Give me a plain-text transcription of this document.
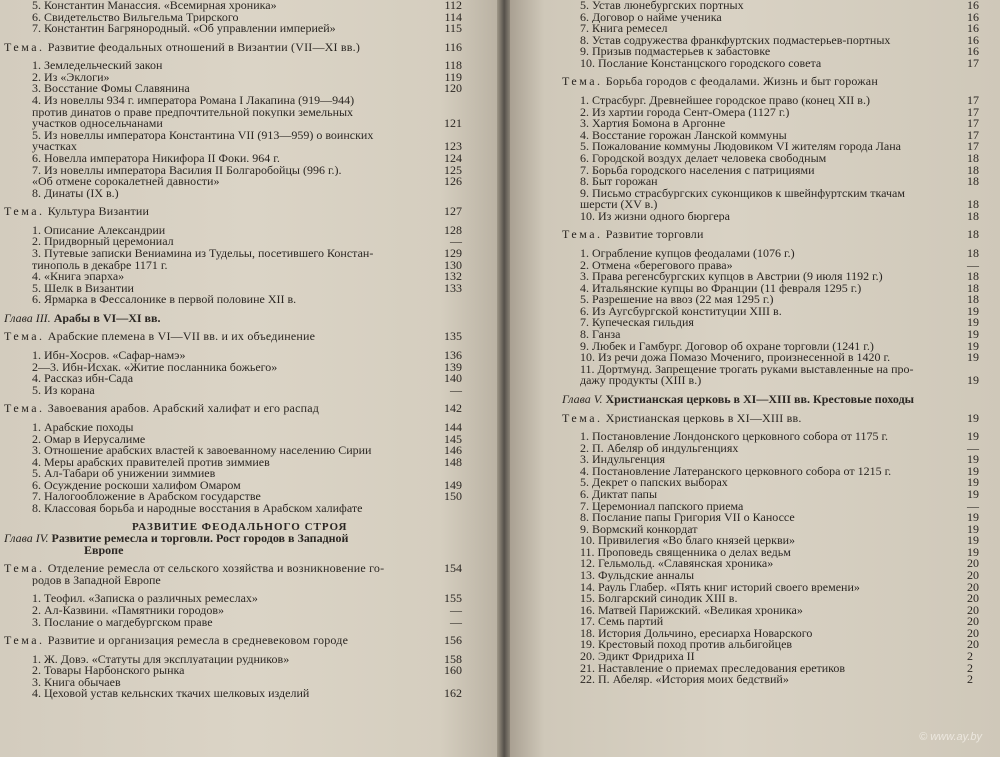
5. Константин Манассия. «Всемирная хроника»	112
6. Свидетельство Вильгельма Трирского	114
7. Константин Багрянородный. «Об управлении империей»	115
Тема. Развитие феодальных отношений в Византии (VII—XI вв.)	116
1. Земледельческий закон	118
2. Из «Эклоги»	119
3. Восстание Фомы Славянина	120
4. Из новеллы 934 г. императора Романа I Лакапина (919—944)
против динатов о праве предпочтительной покупки земельных
участков односельчанами	121
5. Из новеллы императора Константина VII (913—959) о воинских
участках	123
6. Новелла императора Никифора II Фоки. 964 г.	124
7. Из новеллы императора Василия II Болгаробойцы (996 г.).	125
«Об отмене сорокалетней давности»	126
8. Динаты (IX в.)
Тема. Культура Византии	127
1. Описание Александрии	128
2. Придворный церемониал	—
3. Путевые записки Вениамина из Тудельы, посетившего Констан-	129
тинополь в декабре 1171 г.	130
4. «Книга эпарха»	132
5. Шелк в Византии	133
6. Ярмарка в Фессалонике в первой половине XII в.
Глава III. Арабы в VI—XI вв.
Тема. Арабские племена в VI—VII вв. и их объединение	135
1. Ибн-Хосров. «Сафар-намэ»	136
2—3. Ибн-Исхак. «Житие посланника божьего»	139
4. Рассказ ибн-Сада	140
5. Из корана	—
Тема. Завоевания арабов. Арабский халифат и его распад	142
1. Арабские походы	144
2. Омар в Иерусалиме	145
3. Отношение арабских властей к завоеванному населению Сирии	146
4. Меры арабских правителей против зиммиев	148
5. Ал-Табари об унижении зиммиев
6. Осуждение роскоши халифом Омаром	149
7. Налогообложение в Арабском государстве	150
8. Классовая борьба и народные восстания в Арабском халифате
РАЗВИТИЕ ФЕОДАЛЬНОГО СТРОЯ
Глава IV. Развитие ремесла и торговли. Рост городов в Западной
Европе
Тема. Отделение ремесла от сельского хозяйства и возникновение го-	154
родов в Западной Европе
1. Теофил. «Записка о различных ремеслах»	155
2. Ал-Казвини. «Памятники городов»	—
3. Послание о магдебургском праве	—
Тема. Развитие и организация ремесла в средневековом городе	156
1. Ж. Довэ. «Статуты для эксплуатации рудников»	158
2. Товары Нарбонского рынка	160
3. Книга обычаев
4. Цеховой устав кельнских ткачих шелковых изделий	162
5. Устав люнебургских портных	16
6. Договор о найме ученика	16
7. Книга ремесел	16
8. Устав содружества франкфуртских подмастерьев-портных	16
9. Призыв подмастерьев к забастовке	16
10. Послание Констанцского городского совета	17
Тема. Борьба городов с феодалами. Жизнь и быт горожан
1. Страсбург. Древнейшее городское право (конец XII в.)	17
2. Из хартии города Сент-Омера (1127 г.)	17
3. Хартия Бомона в Аргонне	17
4. Восстание горожан Ланской коммуны	17
5. Пожалование коммуны Людовиком VI жителям города Лана	17
6. Городской воздух делает человека свободным	18
7. Борьба городского населения с патрициями	18
8. Быт горожан	18
9. Письмо страсбургских суконщиков к швейнфуртским ткачам
шерсти (XV в.)	18
10. Из жизни одного бюргера	18
Тема. Развитие торговли	18
1. Ограбление купцов феодалами (1076 г.)	18
2. Отмена «берегового права»	—
3. Права регенсбургских купцов в Австрии (9 июля 1192 г.)	18
4. Итальянские купцы во Франции (11 февраля 1295 г.)	18
5. Разрешение на ввоз (22 мая 1295 г.)	18
6. Из Аугсбургской конституции XIII в.	19
7. Купеческая гильдия	19
8. Ганза	19
9. Любек и Гамбург. Договор об охране торговли (1241 г.)	19
10. Из речи дожа Помазо Мочениго, произнесенной в 1420 г.	19
11. Дортмунд. Запрещение трогать руками выставленные на про-
дажу продукты (XIII в.)	19
Глава V. Христианская церковь в XI—XIII вв. Крестовые походы
Тема. Христианская церковь в XI—XIII вв.	19
1. Постановление Лондонского церковного собора от 1175 г.	19
2. П. Абеляр об индульгенциях	—
3. Индульгенция	19
4. Постановление Латеранского церковного собора от 1215 г.	19
5. Декрет о папских выборах	19
6. Диктат папы	19
7. Церемониал папского приема	—
8. Послание папы Григория VII о Каноссе	19
9. Вормский конкордат	19
10. Привилегия «Во благо князей церкви»	19
11. Проповедь священника о делах ведьм	19
12. Гельмольд. «Славянская хроника»	20
13. Фульдские анналы	20
14. Рауль Глабер. «Пять книг историй своего времени»	20
15. Болгарский синодик XIII в.	20
16. Матвей Парижский. «Великая хроника»	20
17. Семь партий	20
18. История Дольчино, ересиарха Новарского	20
19. Крестовый поход против альбигойцев	20
20. Эдикт Фридриха II	2
21. Наставление о приемах преследования еретиков	2
22. П. Абеляр. «История моих бедствий»	2
© www.ay.by
